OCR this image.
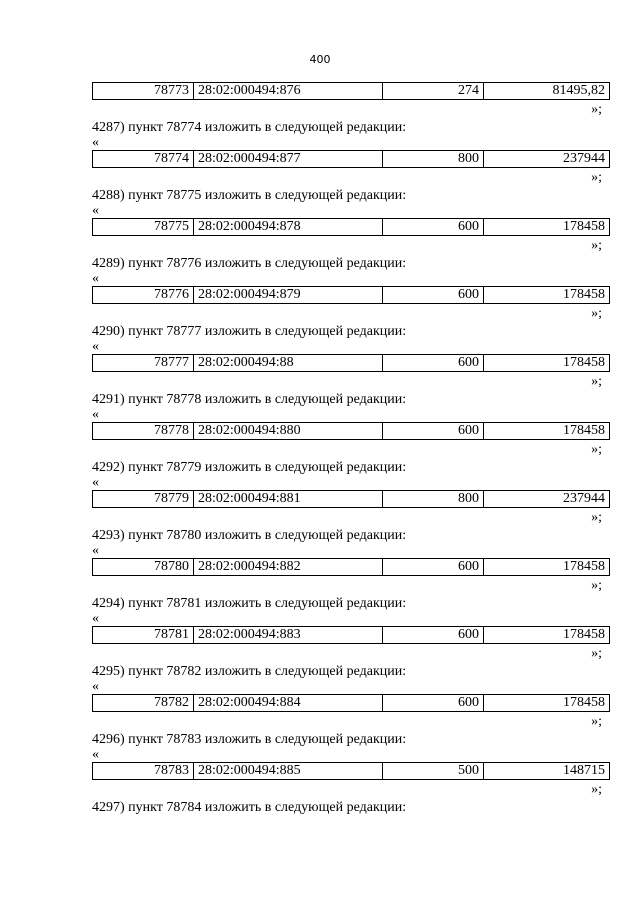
400
78773	28:02:000494:876	274	81495,82
»;
4287) пункт 78774 изложить в следующей редакции:
«
78774	28:02:000494:877	800	237944
»;
4288) пункт 78775 изложить в следующей редакции:
«
78775	28:02:000494:878	600	178458
»;
4289) пункт 78776 изложить в следующей редакции:
«
78776	28:02:000494:879	600	178458
»;
4290) пункт 78777 изложить в следующей редакции:
«
78777	28:02:000494:88	600	178458
»;
4291) пункт 78778 изложить в следующей редакции:
«
78778	28:02:000494:880	600	178458
»;
4292) пункт 78779 изложить в следующей редакции:
«
78779	28:02:000494:881	800	237944
»;
4293) пункт 78780 изложить в следующей редакции:
«
78780	28:02:000494:882	600	178458
»;
4294) пункт 78781 изложить в следующей редакции:
«
78781	28:02:000494:883	600	178458
»;
4295) пункт 78782 изложить в следующей редакции:
«
78782	28:02:000494:884	600	178458
»;
4296) пункт 78783 изложить в следующей редакции:
«
78783	28:02:000494:885	500	148715
»;
4297) пункт 78784 изложить в следующей редакции:
